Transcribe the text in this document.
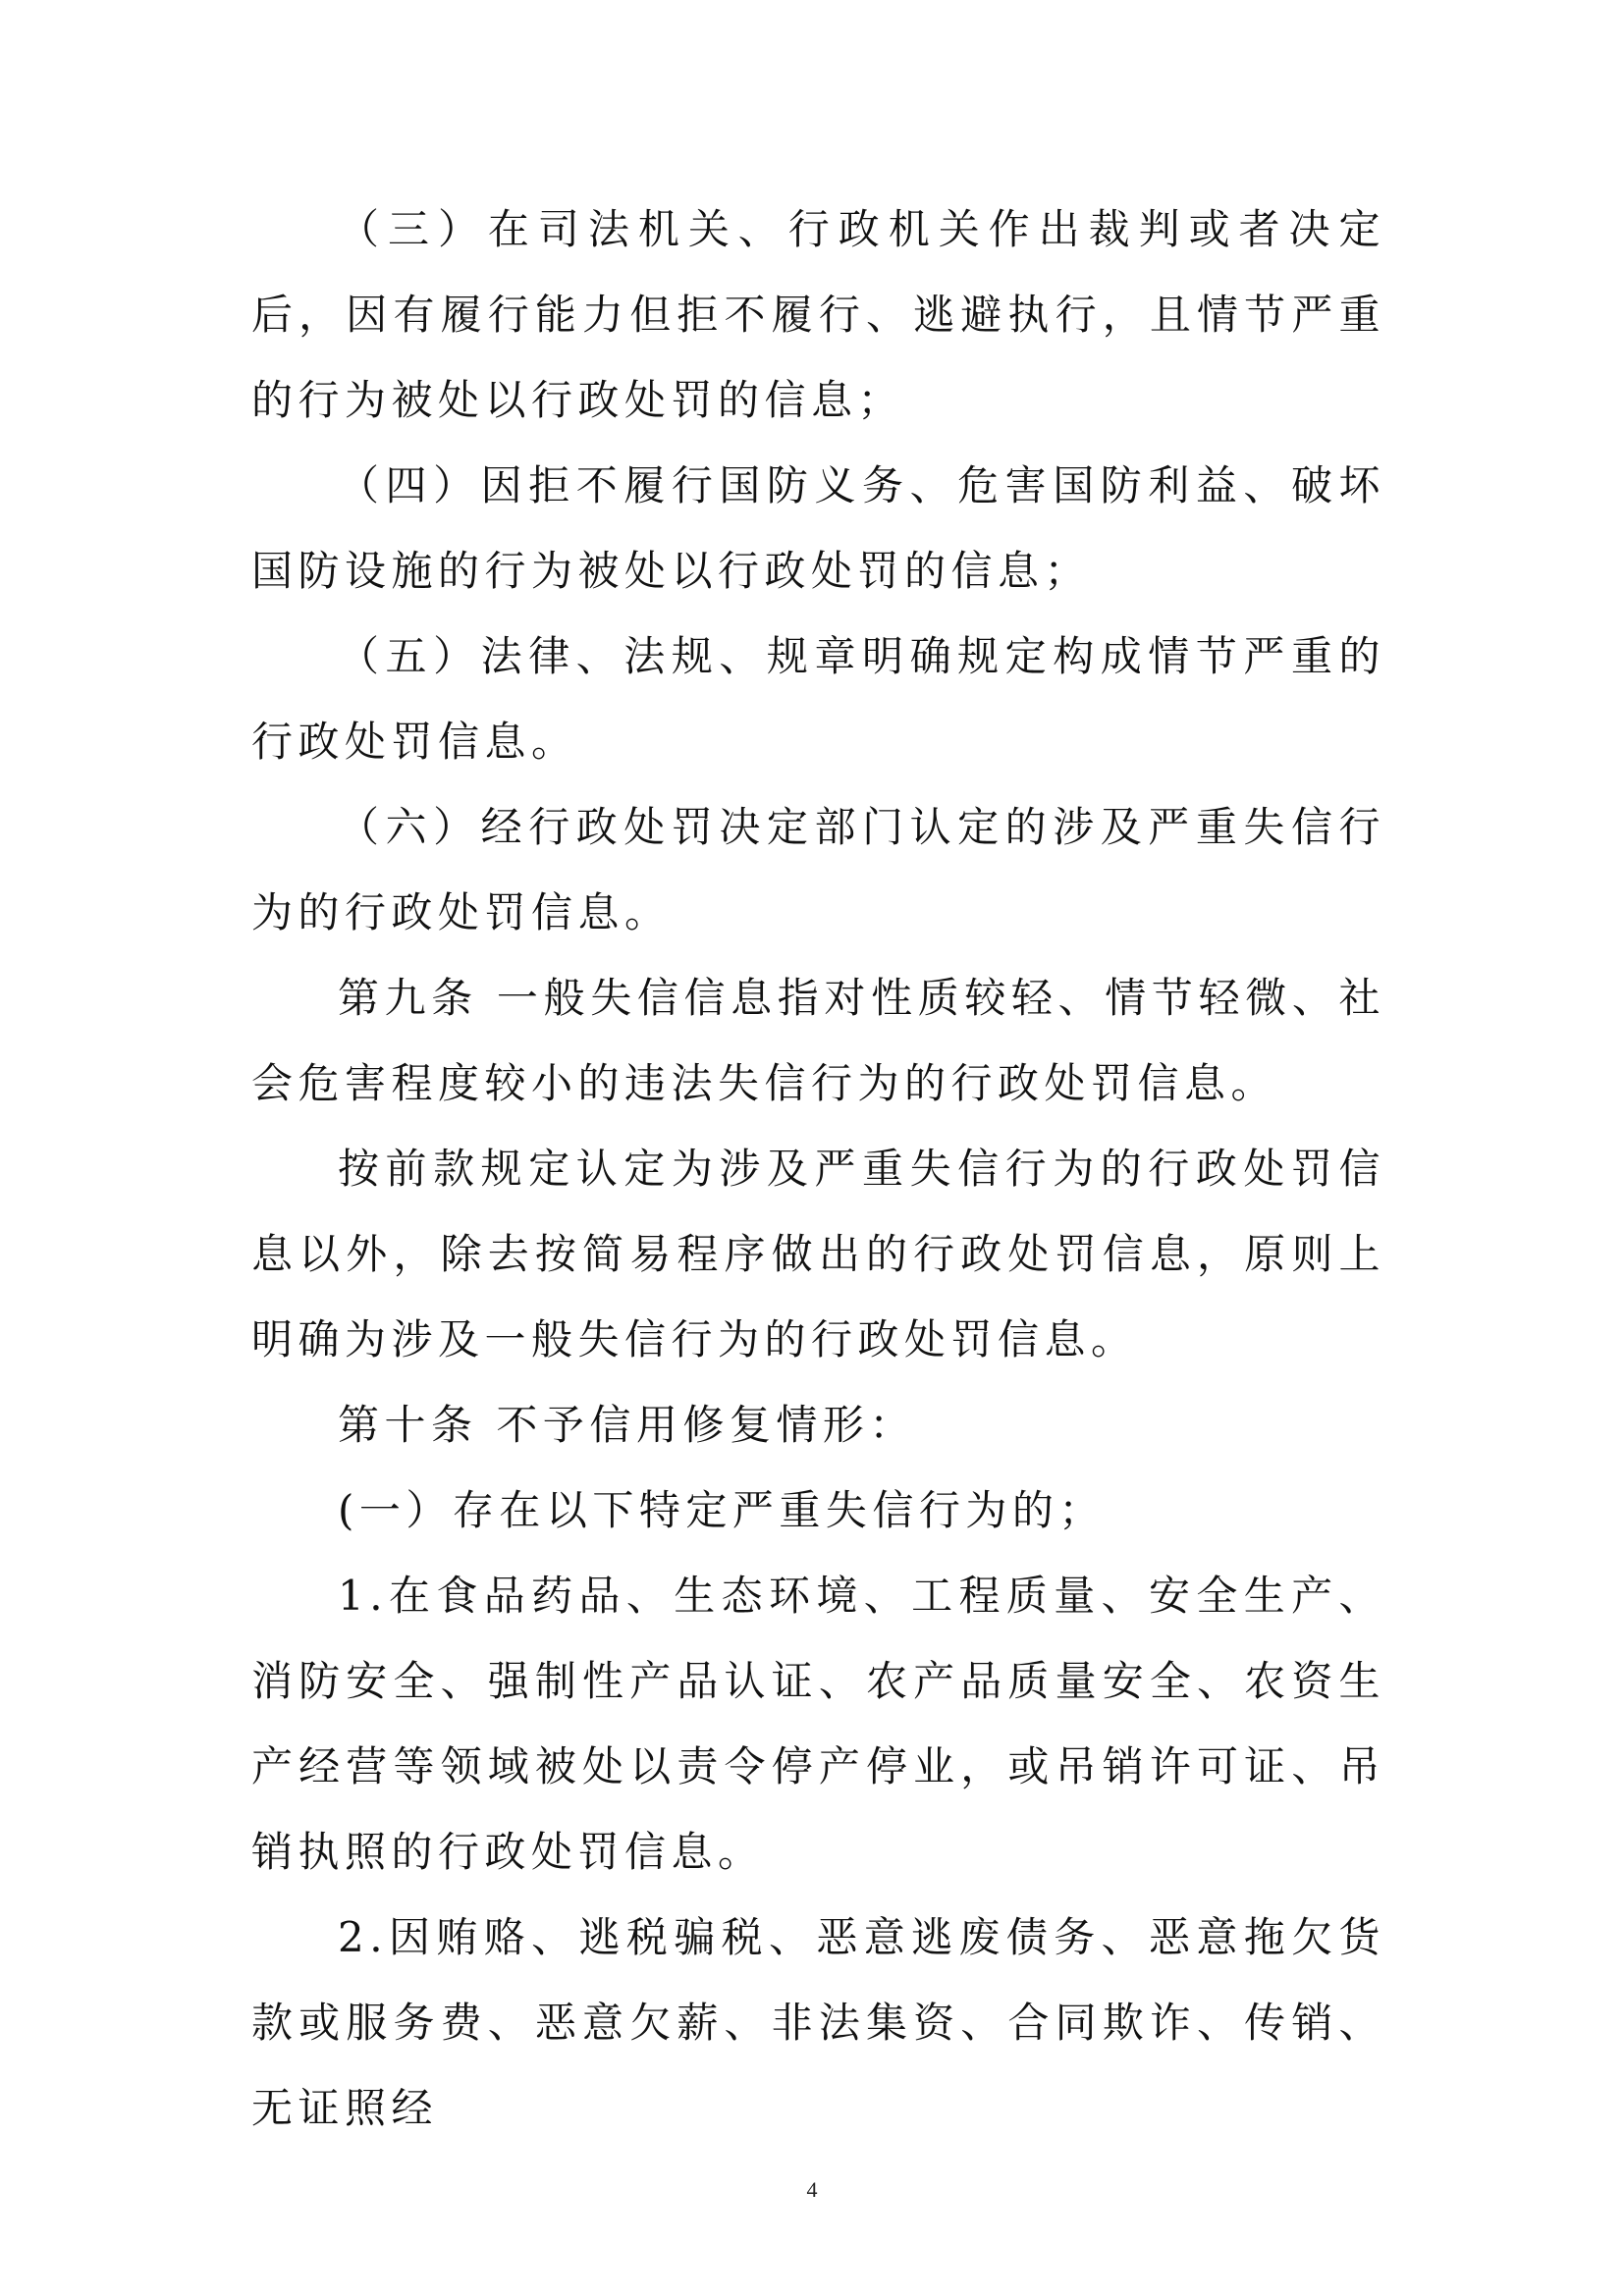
（三）在司法机关、行政机关作出裁判或者决定后，因有履行能力但拒不履行、逃避执行，且情节严重的行为被处以行政处罚的信息；

（四）因拒不履行国防义务、危害国防利益、破坏国防设施的行为被处以行政处罚的信息；

（五）法律、法规、规章明确规定构成情节严重的行政处罚信息。

（六）经行政处罚决定部门认定的涉及严重失信行为的行政处罚信息。

第九条 一般失信信息指对性质较轻、情节轻微、社会危害程度较小的违法失信行为的行政处罚信息。

按前款规定认定为涉及严重失信行为的行政处罚信息以外，除去按简易程序做出的行政处罚信息，原则上明确为涉及一般失信行为的行政处罚信息。

第十条 不予信用修复情形：

(一）存在以下特定严重失信行为的；

1.在食品药品、生态环境、工程质量、安全生产、消防安全、强制性产品认证、农产品质量安全、农资生产经营等领域被处以责令停产停业，或吊销许可证、吊销执照的行政处罚信息。

2.因贿赂、逃税骗税、恶意逃废债务、恶意拖欠货款或服务费、恶意欠薪、非法集资、合同欺诈、传销、无证照经

4
